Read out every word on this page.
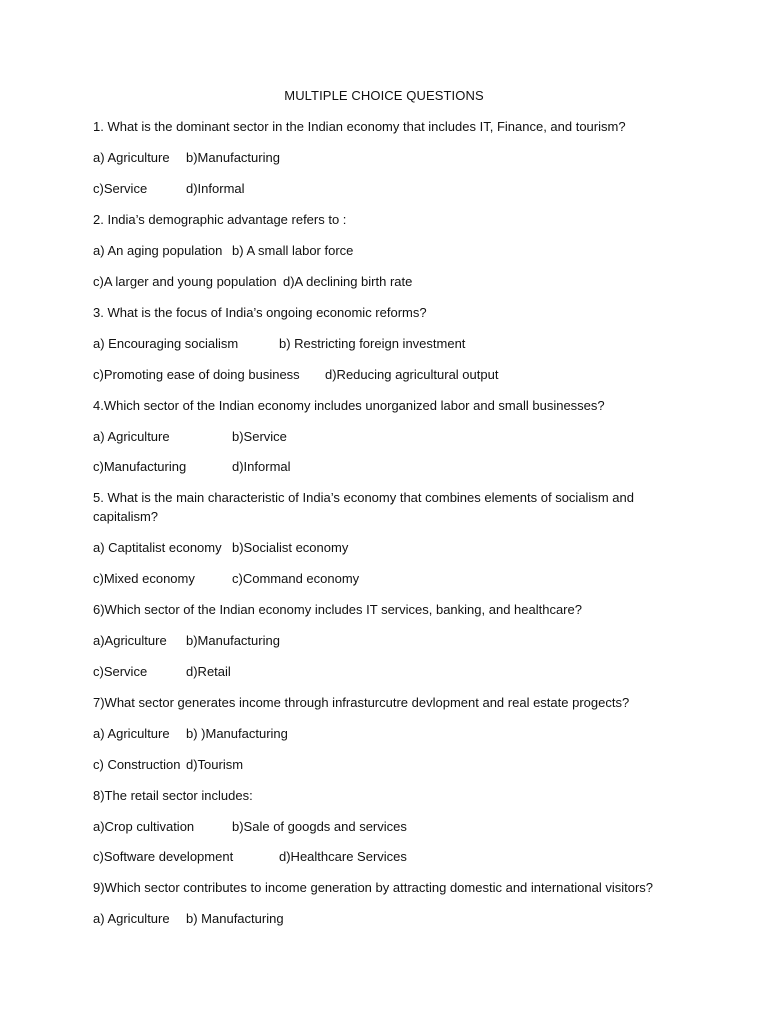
MULTIPLE CHOICE QUESTIONS
1. What is the dominant sector in the Indian economy that includes IT, Finance, and tourism?
a) Agriculture b)Manufacturing
c)Service	d)Informal
2. India’s demographic advantage refers to :
a) An aging population b) A small labor force
c)A larger and young population d)A declining birth rate
3. What is the focus of India’s ongoing economic reforms?
a) Encouraging socialism	b) Restricting foreign investment
c)Promoting ease of doing business d)Reducing agricultural output
4.Which sector of the Indian economy includes unorganized labor and small businesses?
a) Agriculture	b)Service
c)Manufacturing	d)Informal
5. What is the main characteristic of India’s economy that combines elements of socialism and capitalism?
a) Captitalist economy b)Socialist economy
c)Mixed economy	c)Command economy
6)Which sector of the Indian economy includes IT services, banking, and healthcare?
a)Agriculture b)Manufacturing
c)Service	d)Retail
7)What sector generates income through infrasturcutre devlopment and real estate progects?
a) Agriculture b) )Manufacturing
c) Construction d)Tourism
8)The retail sector includes:
a)Crop cultivation	b)Sale of googds and services
c)Software development	d)Healthcare Services
9)Which sector contributes to income generation by attracting domestic and international visitors?
a) Agriculture b) Manufacturing
